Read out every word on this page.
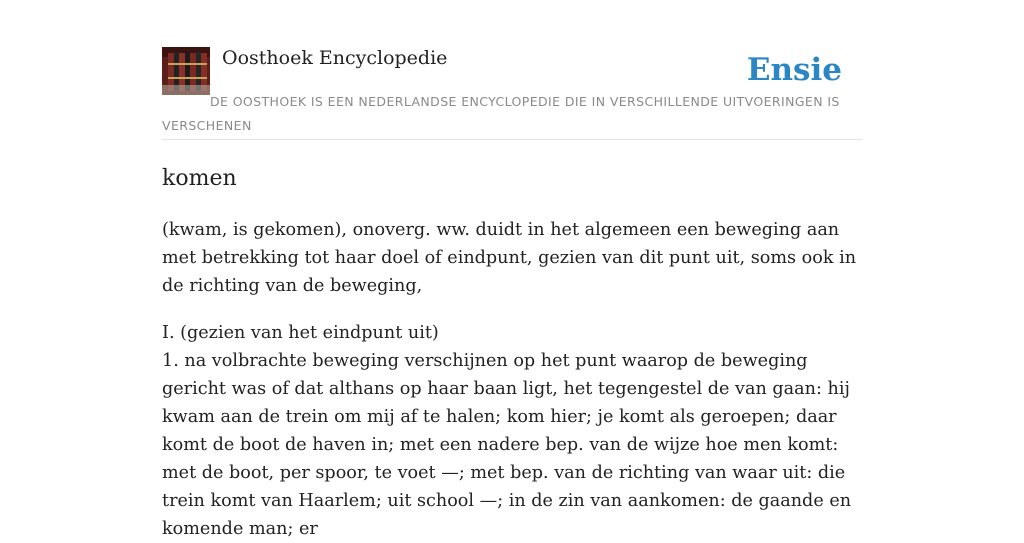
Oosthoek Encyclopedie	Ensie
DE OOSTHOEK IS EEN NEDERLANDSE ENCYCLOPEDIE DIE IN VERSCHILLENDE UITVOERINGEN IS VERSCHENEN
komen

(kwam, is gekomen), onoverg. ww. duidt in het algemeen een beweging aan met betrekking tot haar doel of eindpunt, gezien van dit punt uit, soms ook in de richting van de beweging,

I. (gezien van het eindpunt uit)

1. na volbrachte beweging verschijnen op het punt waarop de beweging gericht was of dat althans op haar baan ligt, het tegengestel de van gaan: hij kwam aan de trein om mij af te halen; kom hier; je komt als geroepen; daar komt de boot de haven in; met een nadere bep. van de wijze hoe men komt: met de boot, per spoor, te voet —; met bep. van de richting van waar uit: die trein komt van Haarlem; uit school —; in de zin van aankomen: de gaande en komende man; er
